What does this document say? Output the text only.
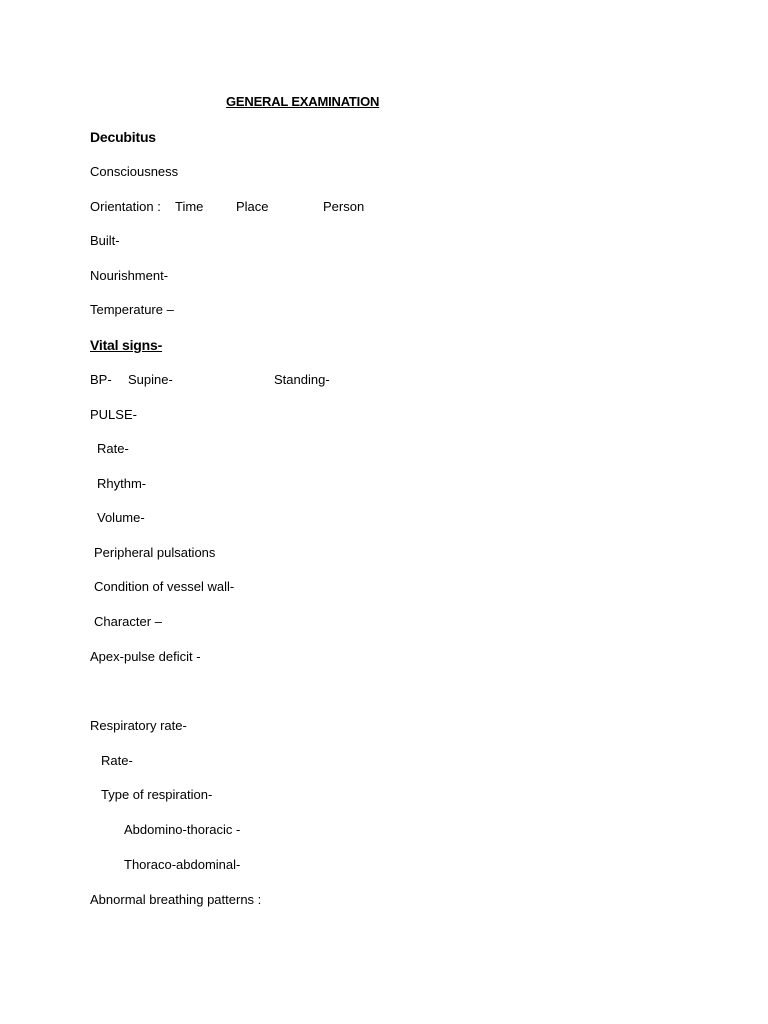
GENERAL EXAMINATION
Decubitus
Consciousness
Orientation : Time	Place	Person
Built-
Nourishment-
Temperature –
Vital signs-
BP- Supine-	Standing-
PULSE-
Rate-
Rhythm-
Volume-
Peripheral pulsations
Condition of vessel wall-
Character –
Apex-pulse deficit -
Respiratory rate-
Rate-
Type of respiration-
Abdomino-thoracic -
Thoraco-abdominal-
Abnormal breathing patterns :
